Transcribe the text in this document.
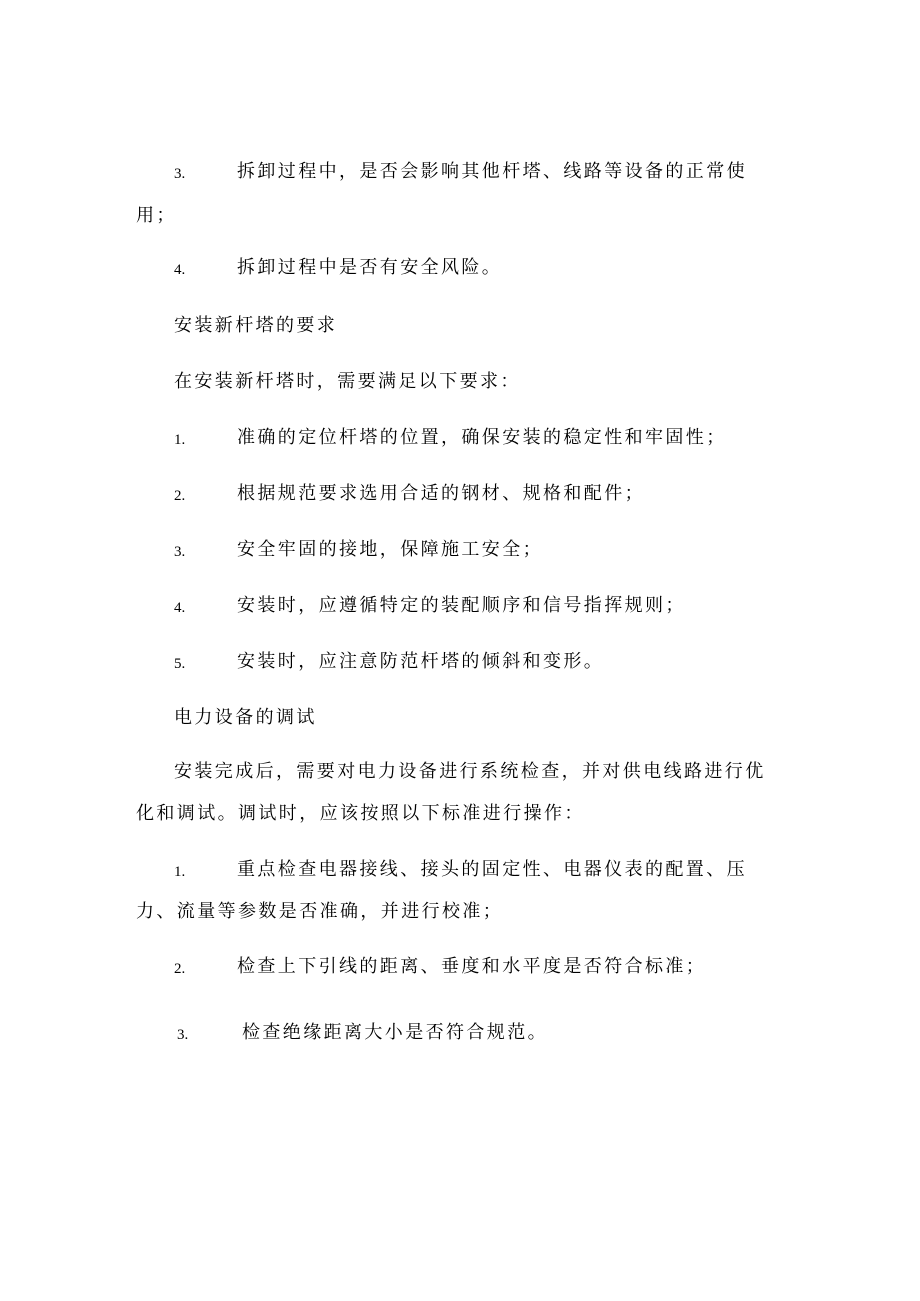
3.	拆卸过程中，是否会影响其他杆塔、线路等设备的正常使
用；
4.	拆卸过程中是否有安全风险。
安装新杆塔的要求
在安装新杆塔时，需要满足以下要求：
1.	准确的定位杆塔的位置，确保安装的稳定性和牢固性；
2.	根据规范要求选用合适的钢材、规格和配件；
3.	安全牢固的接地，保障施工安全；
4.	安装时，应遵循特定的装配顺序和信号指挥规则；
5.	安装时，应注意防范杆塔的倾斜和变形。
电力设备的调试
安装完成后，需要对电力设备进行系统检查，并对供电线路进行优
化和调试。调试时，应该按照以下标准进行操作：
1.	重点检查电器接线、接头的固定性、电器仪表的配置、压
力、流量等参数是否准确，并进行校准；
2.	检查上下引线的距离、垂度和水平度是否符合标准；
3.	检查绝缘距离大小是否符合规范。
